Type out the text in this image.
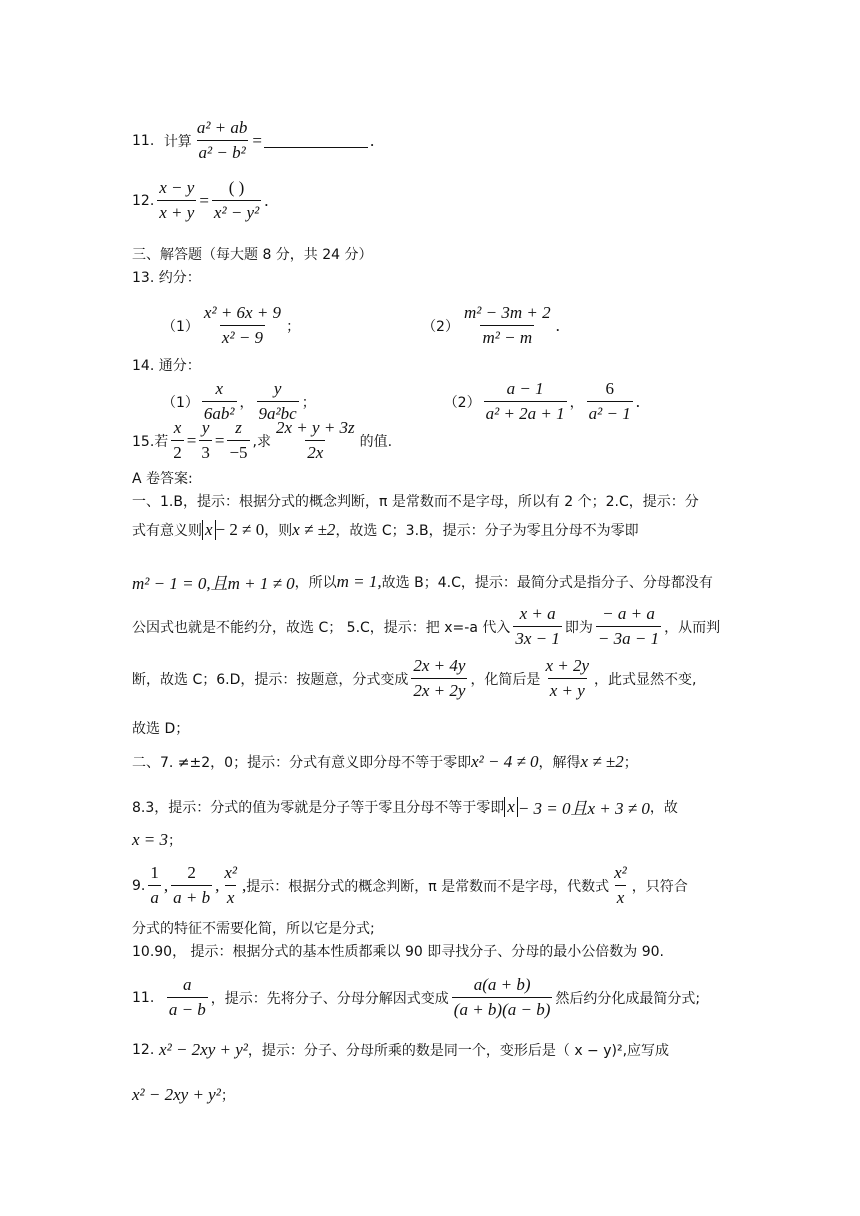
11.
计算 $\frac{\text{a² + ab}}{\text{a² − b²}}$ =	.
12. $\frac{x - y}{x + y} = \frac{( )}{\text{x² − y²}}$ .
三、解答题（每大题 8 分，共 24 分）
13. 约分：
$(1) \frac{\text{x² + 6x + 9}}{\text{x² − 9}}$ ；	$(2) \frac{\text{m² − 3m + 2}}{\text{m² − m}}$ .
14. 通分：
$(1) \frac{x}{\text{6ab²}}$ ， $\frac{y}{\text{9a²bc}}$ ；	$(2) \frac{a - 1}{\text{a² + 2a + 1}}$ ， $\frac{6}{\text{a² − 1}}$ .
15.若 $\frac{x}{2} = \frac{y}{3} = \frac{z}{-5}$ ,求 $\frac{2x + y + 3z}{2x}$ 的值.
A 卷答案:
一、1.B，提示：根据分式的概念判断，π 是常数而不是字母，所以有 2 个；2.C，提示：分
式有意义则 x − 2 ≠ 0 ，则 x ≠ ±2 ，故选 C；3.B，提示：分子为零且分母不为零即
m² − 1 = 0,且m + 1 ≠ 0 ，所以 m = 1, 故选 B；4.C，提示：最简分式是指分子、分母都没有
公因式也就是不能约分，故选 C； 5.C，提示：把 x=-a 代入 $\frac{x + a}{3x - 1}$ 即为 $\frac{- a + a}{- 3a - 1}$ ，从而判
断，故选 C；6.D，提示：按题意，分式变成 $\frac{2x + 4y}{2x + 2y}$ ，化简后是 $\frac{x + 2y}{x + y}$ ，此式显然不变,
故选 D；
二、7. ≠±2，0；提示：分式有意义即分母不等于零即 x² − 4 ≠ 0 ，解得 x ≠ ±2 ；
8.3，提示：分式的值为零就是分子等于零且分母不等于零即 x − 3 = 0且x + 3 ≠ 0 ，故
x = 3 ；
9. $\frac{1}{a}$ , $\frac{2}{a + b}$ , $\frac{\text{x²}}{x}$ , 提示：根据分式的概念判断，π 是常数而不是字母，代数式 $\frac{\text{x²}}{x}$ ，只符合
分式的特征不需要化简，所以它是分式;
10.90， 提示：根据分式的基本性质都乘以 90 即寻找分子、分母的最小公倍数为 90.
11.
$\frac{a}{a - b}$ ，提示：先将分子、分母分解因式变成 $\frac{a(a + b)}{(a + b)(a - b)}$ 然后约分化成最简分式;
12.
x² − 2xy + y² ，提示：分子、分母所乘的数是同一个，变形后是（ x − y)²,应写成
x² − 2xy + y² ；
